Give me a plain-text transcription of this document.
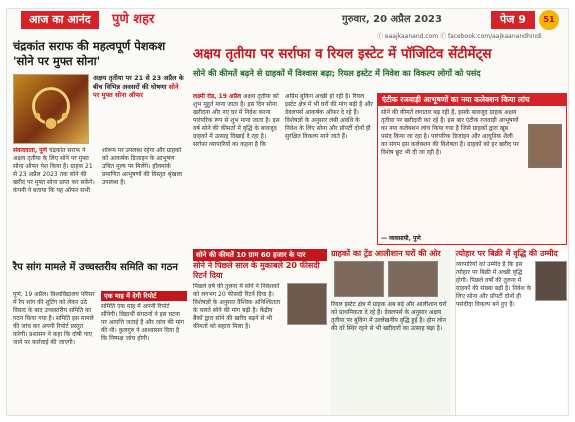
आज का आनंद	पुणे शहर	गुरुवार, 20 अप्रैल 2023	पेज 9	51
ⓕ eaajkaanand.com ⓕ facebook.com/aajkaanandhindi
चंद्रकांत सराफ की महत्वपूर्ण पेशकश 'सोने पर मुफ्त सोना'
अक्षय तृतीया पर 21 से 23 अप्रैल के बीच विभिन्न अवसरों की घोषणा सोने पर मुफ्त सोना ऑफर
संवाददाता, पुणे चंद्रकांत सराफ ने अक्षय तृतीया के लिए सोने पर मुफ्त सोना ऑफर पेश किया है। ग्राहक 21 से 23 अप्रैल 2023 तक सोने की खरीद पर मुफ्त सोना प्राप्त कर सकेंगे। कंपनी ने बताया कि यह ऑफर सभी शोरूम पर उपलब्ध रहेगा और ग्राहकों को आकर्षक डिजाइन के आभूषण उचित मूल्य पर मिलेंगे। हॉलमार्क प्रमाणित आभूषणों की विस्तृत श्रृंखला उपलब्ध है।
रैप सांग मामले में उच्चस्तरीय समिति का गठन
पुणे, 19 अप्रैल। विश्वविद्यालय परिसर में रैप सांग की शूटिंग को लेकर उठे विवाद के बाद उच्चस्तरीय समिति का गठन किया गया है। समिति इस मामले की जांच कर अपनी रिपोर्ट प्रस्तुत करेगी। प्रशासन ने कहा कि दोषी पाए जाने पर कार्रवाई की जाएगी।
एक माह में देगी रिपोर्ट
समिति एक माह में अपनी रिपोर्ट सौंपेगी। विद्यार्थी संगठनों ने इस घटना पर आपत्ति जताई है और जांच की मांग की थी। कुलगुरु ने आश्वासन दिया है कि निष्पक्ष जांच होगी।
अक्षय तृतीया पर सर्राफा व रियल इस्टेट में पॉजिटिव सेंटीमेंट्स
सोने की कीमतें बढ़ने से ग्राहकों में विश्वास बढ़ा; रियल इस्टेट में निवेश का विकल्प लोगों को पसंद
लक्ष्मी रोड, 19 अप्रैल अक्षय तृतीया को शुभ मुहूर्त माना जाता है। इस दिन सोना खरीदना और नए घर में निवेश करना पारंपरिक रूप से शुभ माना जाता है। इस वर्ष सोने की कीमतों में वृद्धि के बावजूद ग्राहकों में उत्साह दिखाई दे रहा है। सर्राफा व्यापारियों का कहना है कि अग्रिम बुकिंग अच्छी हो रही है। रियल इस्टेट क्षेत्र में भी घरों की मांग बढ़ी है और डेवलपर्स आकर्षक ऑफर दे रहे हैं। विशेषज्ञों के अनुसार लंबी अवधि के निवेश के लिए सोना और प्रॉपर्टी दोनों ही सुरक्षित विकल्प माने जाते हैं।
एंटीक रजवाड़ी आभूषणों का नया कलेक्शन किया लांच
सोने की कीमतें लगातार बढ़ रही हैं, इसके बावजूद ग्राहक अक्षय तृतीया पर खरीदारी कर रहे हैं। इस बार एंटीक रजवाड़ी आभूषणों का नया कलेक्शन लांच किया गया है जिसे ग्राहकों द्वारा खूब पसंद किया जा रहा है। पारंपरिक डिजाइन और आधुनिक शैली का संगम इस कलेक्शन की विशेषता है। ग्राहकों को हर खरीद पर विशेष छूट भी दी जा रही है।
— व्यवसायी, पुणे
सोने की कीमतें 10 ग्राम 60 हजार के पार
सोने ने पिछले साल के मुकाबले 20 फीसदी रिटर्न दिया
पिछले वर्ष की तुलना में सोने ने निवेशकों को लगभग 20 फीसदी रिटर्न दिया है। विशेषज्ञों के अनुसार वैश्विक अनिश्चितता के चलते सोने की मांग बढ़ी है। केंद्रीय बैंकों द्वारा सोने की खरीद बढ़ने से भी कीमतों को सहारा मिला है।
ग्राहकों का ट्रेंड आलीशान घरों की ओर
रियल इस्टेट क्षेत्र में ग्राहक अब बड़े और आलीशान घरों को प्राथमिकता दे रहे हैं। डेवलपर्स के अनुसार अक्षय तृतीया पर बुकिंग में उल्लेखनीय वृद्धि हुई है। होम लोन की दरें स्थिर रहने से भी खरीदारों का उत्साह बढ़ा है।
त्योहार पर बिक्री में वृद्धि की उम्मीद
व्यापारियों को उम्मीद है कि इस त्योहार पर बिक्री में अच्छी वृद्धि होगी। पिछले वर्षों की तुलना में ग्राहकों की संख्या बढ़ी है। निवेश के लिए सोना और प्रॉपर्टी दोनों ही पसंदीदा विकल्प बने हुए हैं।
